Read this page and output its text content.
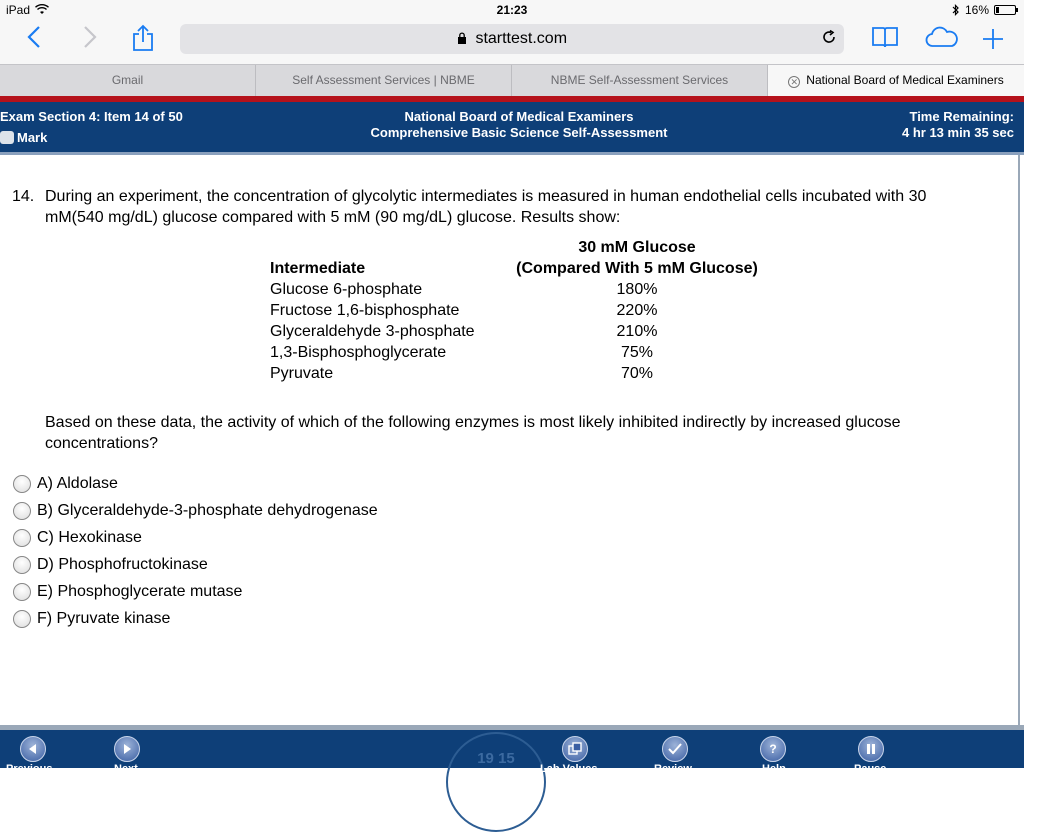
iPad	21:23	16%
starttest.com
Gmail	Self Assessment Services | NBME	NBME Self-Assessment Services	✕ National Board of Medical Examiners
National Board of Medical Examiners
Comprehensive Basic Science Self-Assessment
Exam Section 4: Item 14 of 50
Mark
Time Remaining:
4 hr 13 min 35 sec
14. During an experiment, the concentration of glycolytic intermediates is measured in human endothelial cells incubated with 30 mM(540 mg/dL) glucose compared with 5 mM (90 mg/dL) glucose. Results show:
30 mM Glucose
Intermediate	(Compared With 5 mM Glucose)
Glucose 6-phosphate	180%
Fructose 1,6-bisphosphate	220%
Glyceraldehyde 3-phosphate	210%
1,3-Bisphosphoglycerate	75%
Pyruvate	70%
Based on these data, the activity of which of the following enzymes is most likely inhibited indirectly by increased glucose concentrations?
A) Aldolase
B) Glyceraldehyde-3-phosphate dehydrogenase
C) Hexokinase
D) Phosphofructokinase
E) Phosphoglycerate mutase
F) Pyruvate kinase
19 15
Previous	Next	Lab Values	Review
?
Help	Pause
